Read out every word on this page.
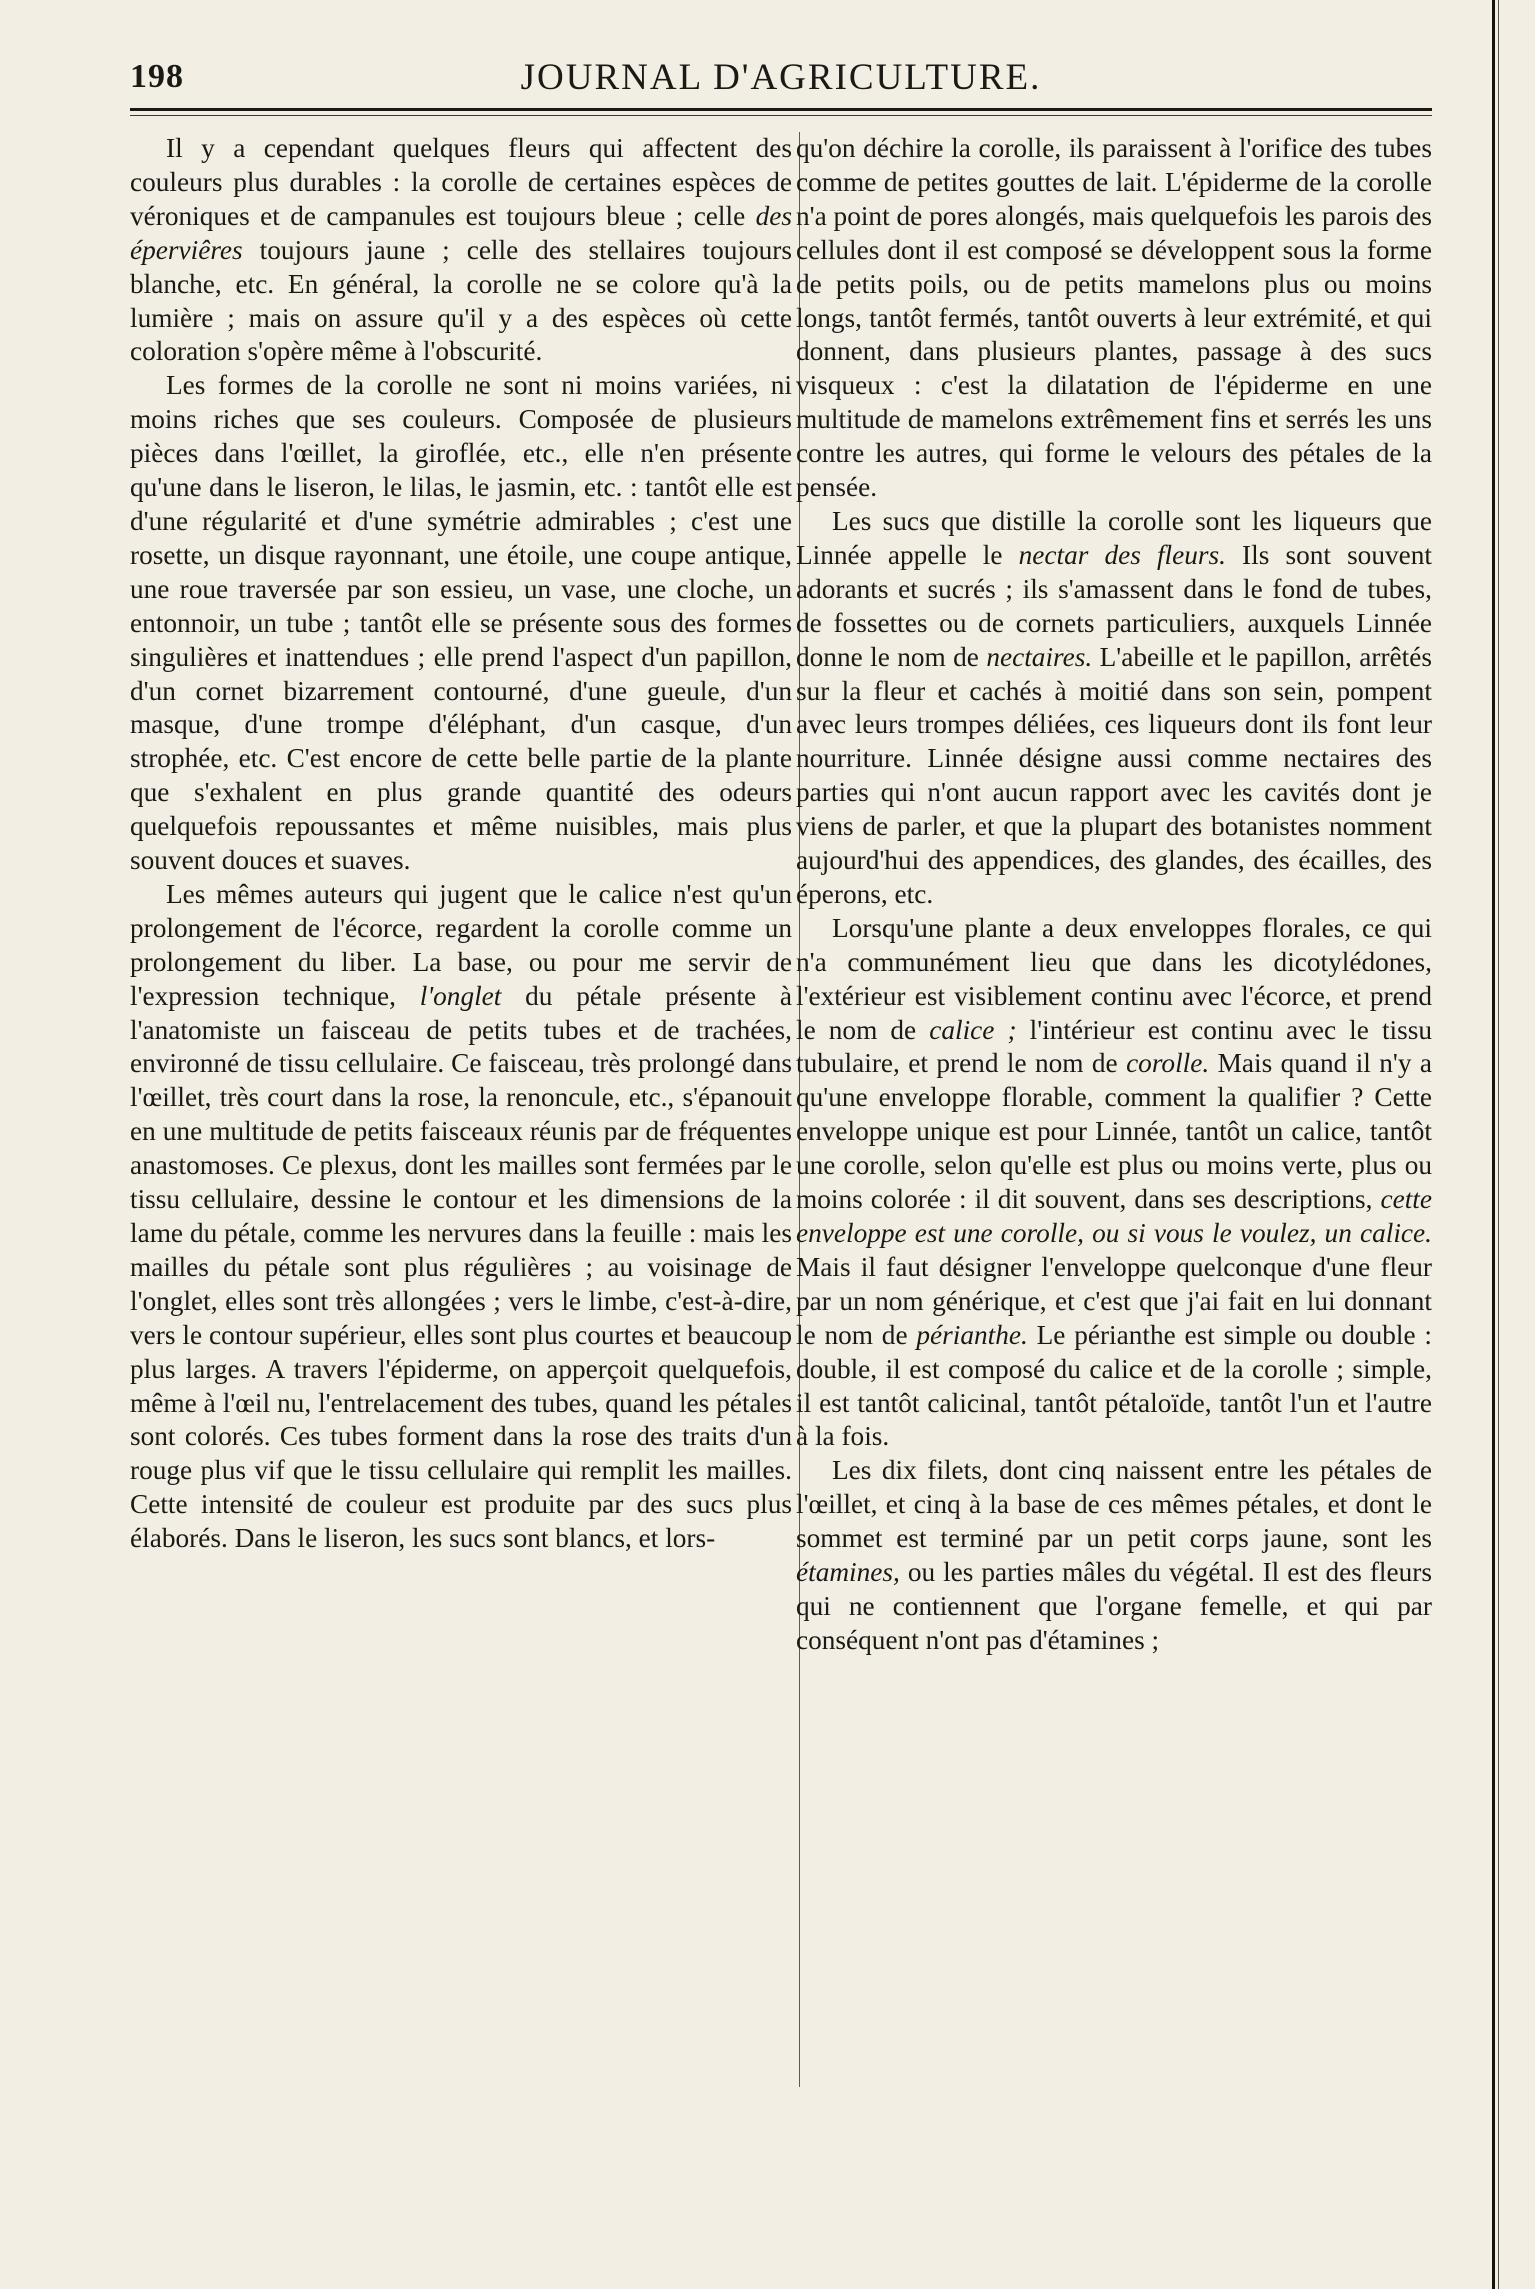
198	JOURNAL D'AGRICULTURE.

Il y a cependant quelques fleurs qui affectent des couleurs plus durables : la corolle de certaines espèces de véroniques et de campanules est toujours bleue ; celle des éperviêres toujours jaune ; celle des stellaires toujours blanche, etc. En général, la corolle ne se colore qu'à la lumière ; mais on assure qu'il y a des espèces où cette coloration s'opère même à l'obscurité.

Les formes de la corolle ne sont ni moins variées, ni moins riches que ses couleurs. Composée de plusieurs pièces dans l'œillet, la giroflée, etc., elle n'en présente qu'une dans le liseron, le lilas, le jasmin, etc. : tantôt elle est d'une régularité et d'une symétrie admirables ; c'est une rosette, un disque rayonnant, une étoile, une coupe antique, une roue traversée par son essieu, un vase, une cloche, un entonnoir, un tube ; tantôt elle se présente sous des formes singulières et inattendues ; elle prend l'aspect d'un papillon, d'un cornet bizarrement contourné, d'une gueule, d'un masque, d'une trompe d'éléphant, d'un casque, d'un strophée, etc. C'est encore de cette belle partie de la plante que s'exhalent en plus grande quantité des odeurs quelquefois repoussantes et même nuisibles, mais plus souvent douces et suaves.

Les mêmes auteurs qui jugent que le calice n'est qu'un prolongement de l'écorce, regardent la corolle comme un prolongement du liber. La base, ou pour me servir de l'expression technique, l'onglet du pétale présente à l'anatomiste un faisceau de petits tubes et de trachées, environné de tissu cellulaire. Ce faisceau, très prolongé dans l'œillet, très court dans la rose, la renoncule, etc., s'épanouit en une multitude de petits faisceaux réunis par de fréquentes anastomoses. Ce plexus, dont les mailles sont fermées par le tissu cellulaire, dessine le contour et les dimensions de la lame du pétale, comme les nervures dans la feuille : mais les mailles du pétale sont plus régulières ; au voisinage de l'onglet, elles sont très allongées ; vers le limbe, c'est-à-dire, vers le contour supérieur, elles sont plus courtes et beaucoup plus larges. A travers l'épiderme, on apperçoit quelquefois, même à l'œil nu, l'entrelacement des tubes, quand les pétales sont colorés. Ces tubes forment dans la rose des traits d'un rouge plus vif que le tissu cellulaire qui remplit les mailles. Cette intensité de couleur est produite par des sucs plus élaborés. Dans le liseron, les sucs sont blancs, et lors-

qu'on déchire la corolle, ils paraissent à l'orifice des tubes comme de petites gouttes de lait. L'épiderme de la corolle n'a point de pores alongés, mais quelquefois les parois des cellules dont il est composé se développent sous la forme de petits poils, ou de petits mamelons plus ou moins longs, tantôt fermés, tantôt ouverts à leur extrémité, et qui donnent, dans plusieurs plantes, passage à des sucs visqueux : c'est la dilatation de l'épiderme en une multitude de mamelons extrêmement fins et serrés les uns contre les autres, qui forme le velours des pétales de la pensée.

Les sucs que distille la corolle sont les liqueurs que Linnée appelle le nectar des fleurs. Ils sont souvent adorants et sucrés ; ils s'amassent dans le fond de tubes, de fossettes ou de cornets particuliers, auxquels Linnée donne le nom de nectaires. L'abeille et le papillon, arrêtés sur la fleur et cachés à moitié dans son sein, pompent avec leurs trompes déliées, ces liqueurs dont ils font leur nourriture. Linnée désigne aussi comme nectaires des parties qui n'ont aucun rapport avec les cavités dont je viens de parler, et que la plupart des botanistes nomment aujourd'hui des appendices, des glandes, des écailles, des éperons, etc.

Lorsqu'une plante a deux enveloppes florales, ce qui n'a communément lieu que dans les dicotylédones, l'extérieur est visiblement continu avec l'écorce, et prend le nom de calice ; l'intérieur est continu avec le tissu tubulaire, et prend le nom de corolle. Mais quand il n'y a qu'une enveloppe florable, comment la qualifier ? Cette enveloppe unique est pour Linnée, tantôt un calice, tantôt une corolle, selon qu'elle est plus ou moins verte, plus ou moins colorée : il dit souvent, dans ses descriptions, cette enveloppe est une corolle, ou si vous le voulez, un calice. Mais il faut désigner l'enveloppe quelconque d'une fleur par un nom générique, et c'est que j'ai fait en lui donnant le nom de périanthe. Le périanthe est simple ou double : double, il est composé du calice et de la corolle ; simple, il est tantôt calicinal, tantôt pétaloïde, tantôt l'un et l'autre à la fois.

Les dix filets, dont cinq naissent entre les pétales de l'œillet, et cinq à la base de ces mêmes pétales, et dont le sommet est terminé par un petit corps jaune, sont les étamines, ou les parties mâles du végétal. Il est des fleurs qui ne contiennent que l'organe femelle, et qui par conséquent n'ont pas d'étamines ;
